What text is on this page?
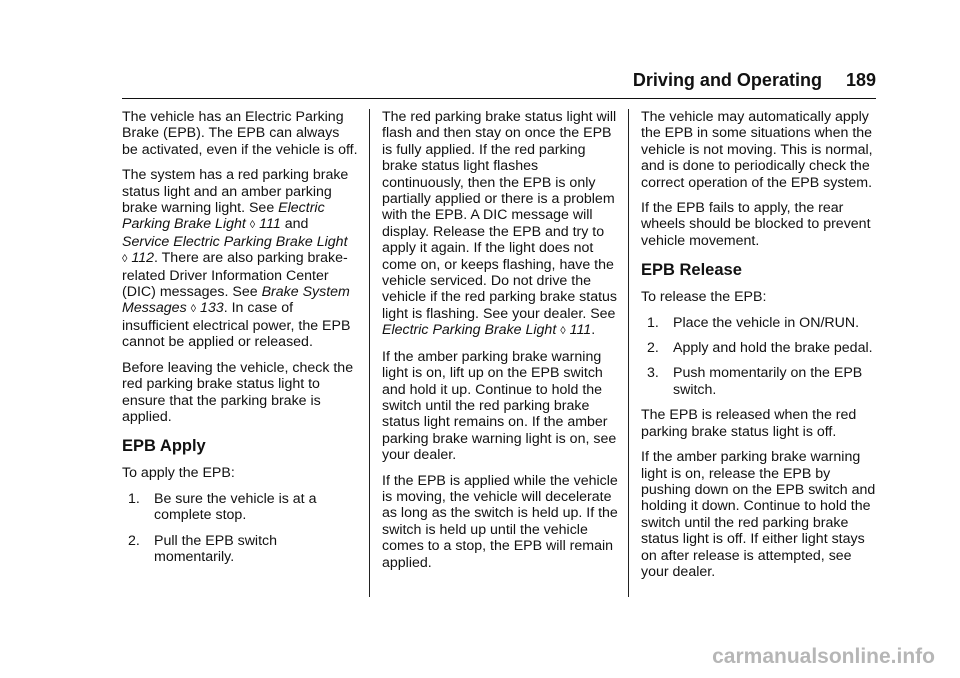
Driving and Operating 189

The vehicle has an Electric Parking Brake (EPB). The EPB can always be activated, even if the vehicle is off.

The system has a red parking brake status light and an amber parking brake warning light. See Electric Parking Brake Light ◊ 111 and Service Electric Parking Brake Light
◊ 112. There are also parking brake-related Driver Information Center (DIC) messages. See Brake System Messages ◊ 133. In case of insufficient electrical power, the EPB cannot be applied or released.

Before leaving the vehicle, check the red parking brake status light to ensure that the parking brake is applied.

EPB Apply

To apply the EPB:

1. Be sure the vehicle is at a complete stop.
2. Pull the EPB switch momentarily.

The red parking brake status light will flash and then stay on once the EPB is fully applied. If the red parking brake status light flashes continuously, then the EPB is only partially applied or there is a problem with the EPB. A DIC message will display. Release the EPB and try to apply it again. If the light does not come on, or keeps flashing, have the vehicle serviced. Do not drive the vehicle if the red parking brake status light is flashing. See your dealer. See Electric Parking Brake Light ◊ 111.

If the amber parking brake warning light is on, lift up on the EPB switch and hold it up. Continue to hold the switch until the red parking brake status light remains on. If the amber parking brake warning light is on, see your dealer.

If the EPB is applied while the vehicle is moving, the vehicle will decelerate as long as the switch is held up. If the switch is held up until the vehicle comes to a stop, the EPB will remain applied.

The vehicle may automatically apply the EPB in some situations when the vehicle is not moving. This is normal, and is done to periodically check the correct operation of the EPB system.

If the EPB fails to apply, the rear wheels should be blocked to prevent vehicle movement.

EPB Release

To release the EPB:

1. Place the vehicle in ON/RUN.
2. Apply and hold the brake pedal.
3. Push momentarily on the EPB switch.

The EPB is released when the red parking brake status light is off.

If the amber parking brake warning light is on, release the EPB by pushing down on the EPB switch and holding it down. Continue to hold the switch until the red parking brake status light is off. If either light stays on after release is attempted, see your dealer.

carmanualsonline.info
